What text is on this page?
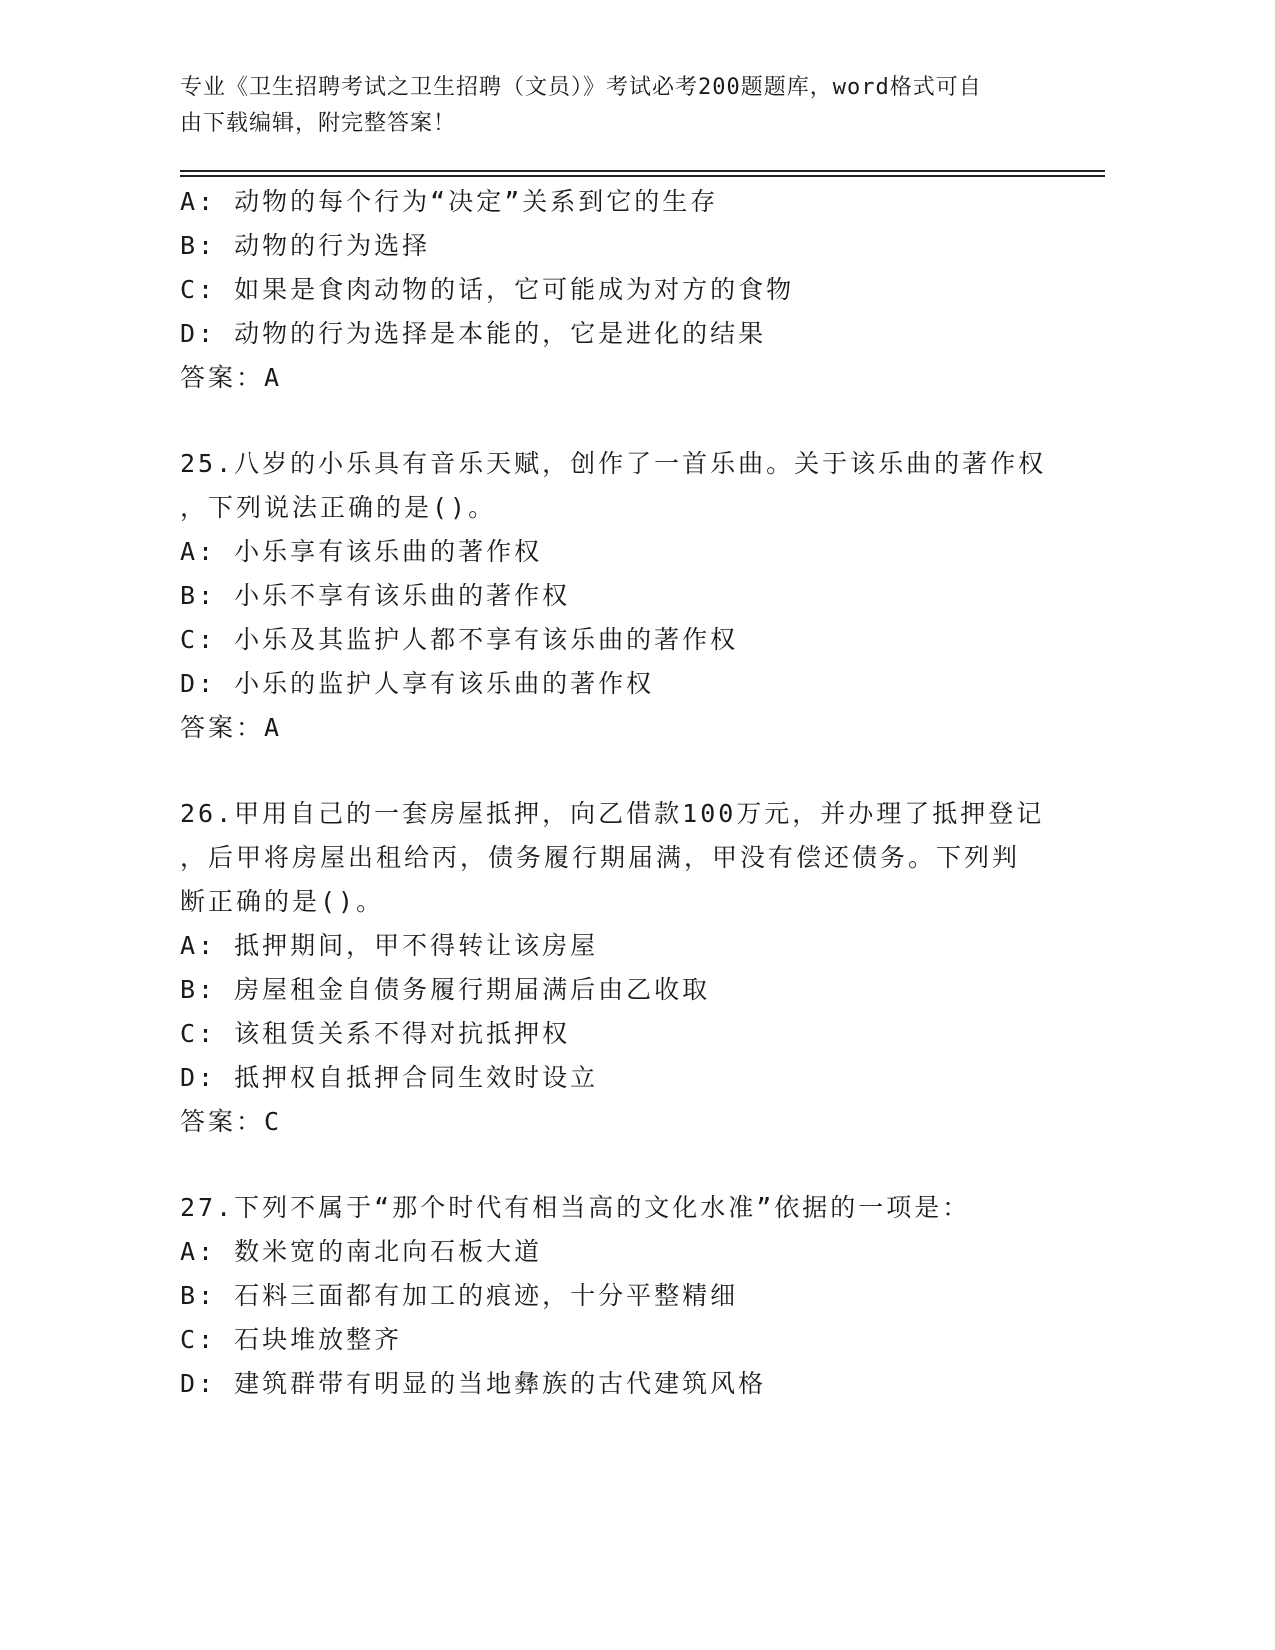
专业《卫生招聘考试之卫生招聘（文员）》考试必考200题题库，word格式可自
由下载编辑，附完整答案！
A: 动物的每个行为“决定”关系到它的生存
B: 动物的行为选择
C: 如果是食肉动物的话，它可能成为对方的食物
D: 动物的行为选择是本能的，它是进化的结果
答案：A
25.八岁的小乐具有音乐天赋，创作了一首乐曲。关于该乐曲的著作权
，下列说法正确的是()。
A: 小乐享有该乐曲的著作权
B: 小乐不享有该乐曲的著作权
C: 小乐及其监护人都不享有该乐曲的著作权
D: 小乐的监护人享有该乐曲的著作权
答案：A
26.甲用自己的一套房屋抵押，向乙借款100万元，并办理了抵押登记
，后甲将房屋出租给丙，债务履行期届满，甲没有偿还债务。下列判
断正确的是()。
A: 抵押期间，甲不得转让该房屋
B: 房屋租金自债务履行期届满后由乙收取
C: 该租赁关系不得对抗抵押权
D: 抵押权自抵押合同生效时设立
答案：C
27.下列不属于“那个时代有相当高的文化水准”依据的一项是：
A: 数米宽的南北向石板大道
B: 石料三面都有加工的痕迹，十分平整精细
C: 石块堆放整齐
D: 建筑群带有明显的当地彝族的古代建筑风格
